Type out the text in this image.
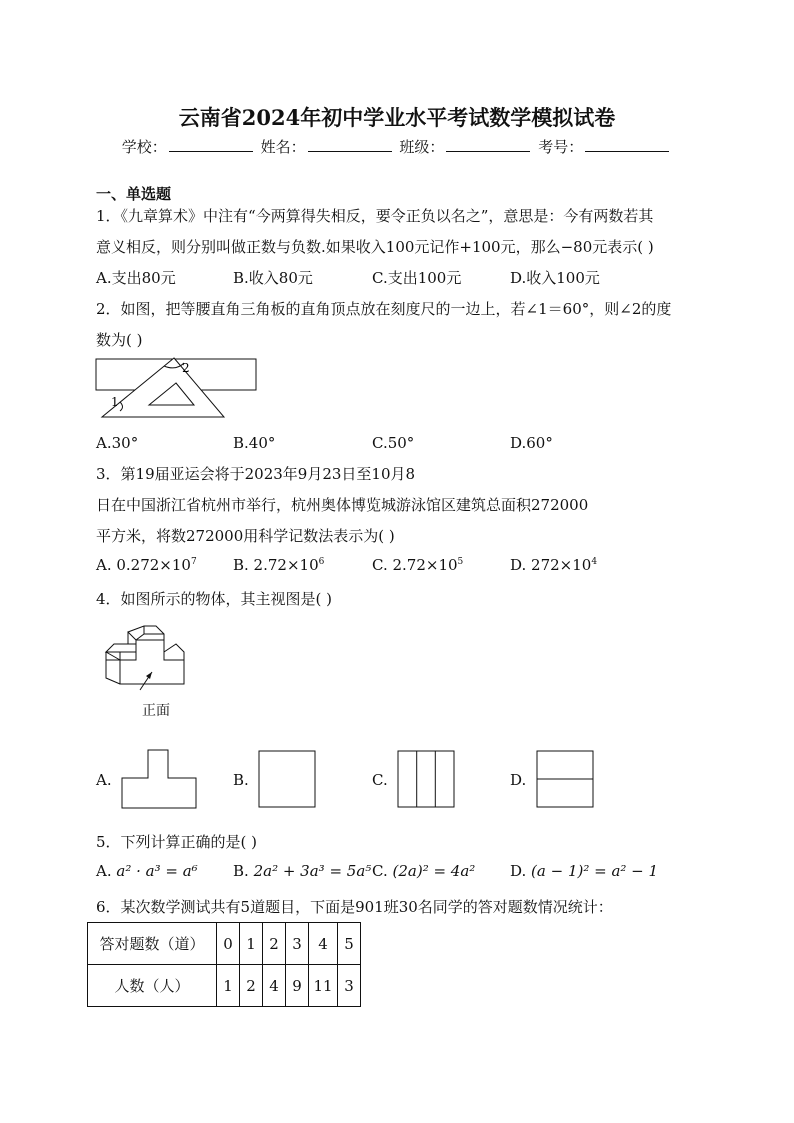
云南省2024年初中学业水平考试数学模拟试卷
学校：	姓名：	班级：	考号：
一、单选题
1．《九章算术》中注有“今两算得失相反，要令正负以名之”，意思是：今有两数若其
意义相反，则分别叫做正数与负数.如果收入100元记作+100元，那么−80元表示( )
A.支出80元	B.收入80元	C.支出100元	D.收入100元
2．如图，把等腰直角三角板的直角顶点放在刻度尺的一边上，若∠1＝60°，则∠2的度
数为( )
2
1
A.30°	B.40°	C.50°	D.60°
3．第19届亚运会将于2023年9月23日至10月8
日在中国浙江省杭州市举行，杭州奥体博览城游泳馆区建筑总面积272000
平方米，将数272000用科学记数法表示为( )
A. $0.272\times 10^7$ B. $2.72\times 10^6$	C. $2.72\times 10^5$	D. $272\times 10^4$
4．如图所示的物体，其主视图是( )
正面
A.	B.	C.	D.
5．下列计算正确的是( )
A. a² · a³ = a⁶ B. 2a² + 3a³ = 5a⁵ C. (2a)² = 4a² D. (a − 1)² = a² − 1
6．某次数学测试共有5道题目，下面是901班30名同学的答对题数情况统计：
答对题数（道）	0	1	2	3	4	5
人数（人）	1	2	4	9	11	3
